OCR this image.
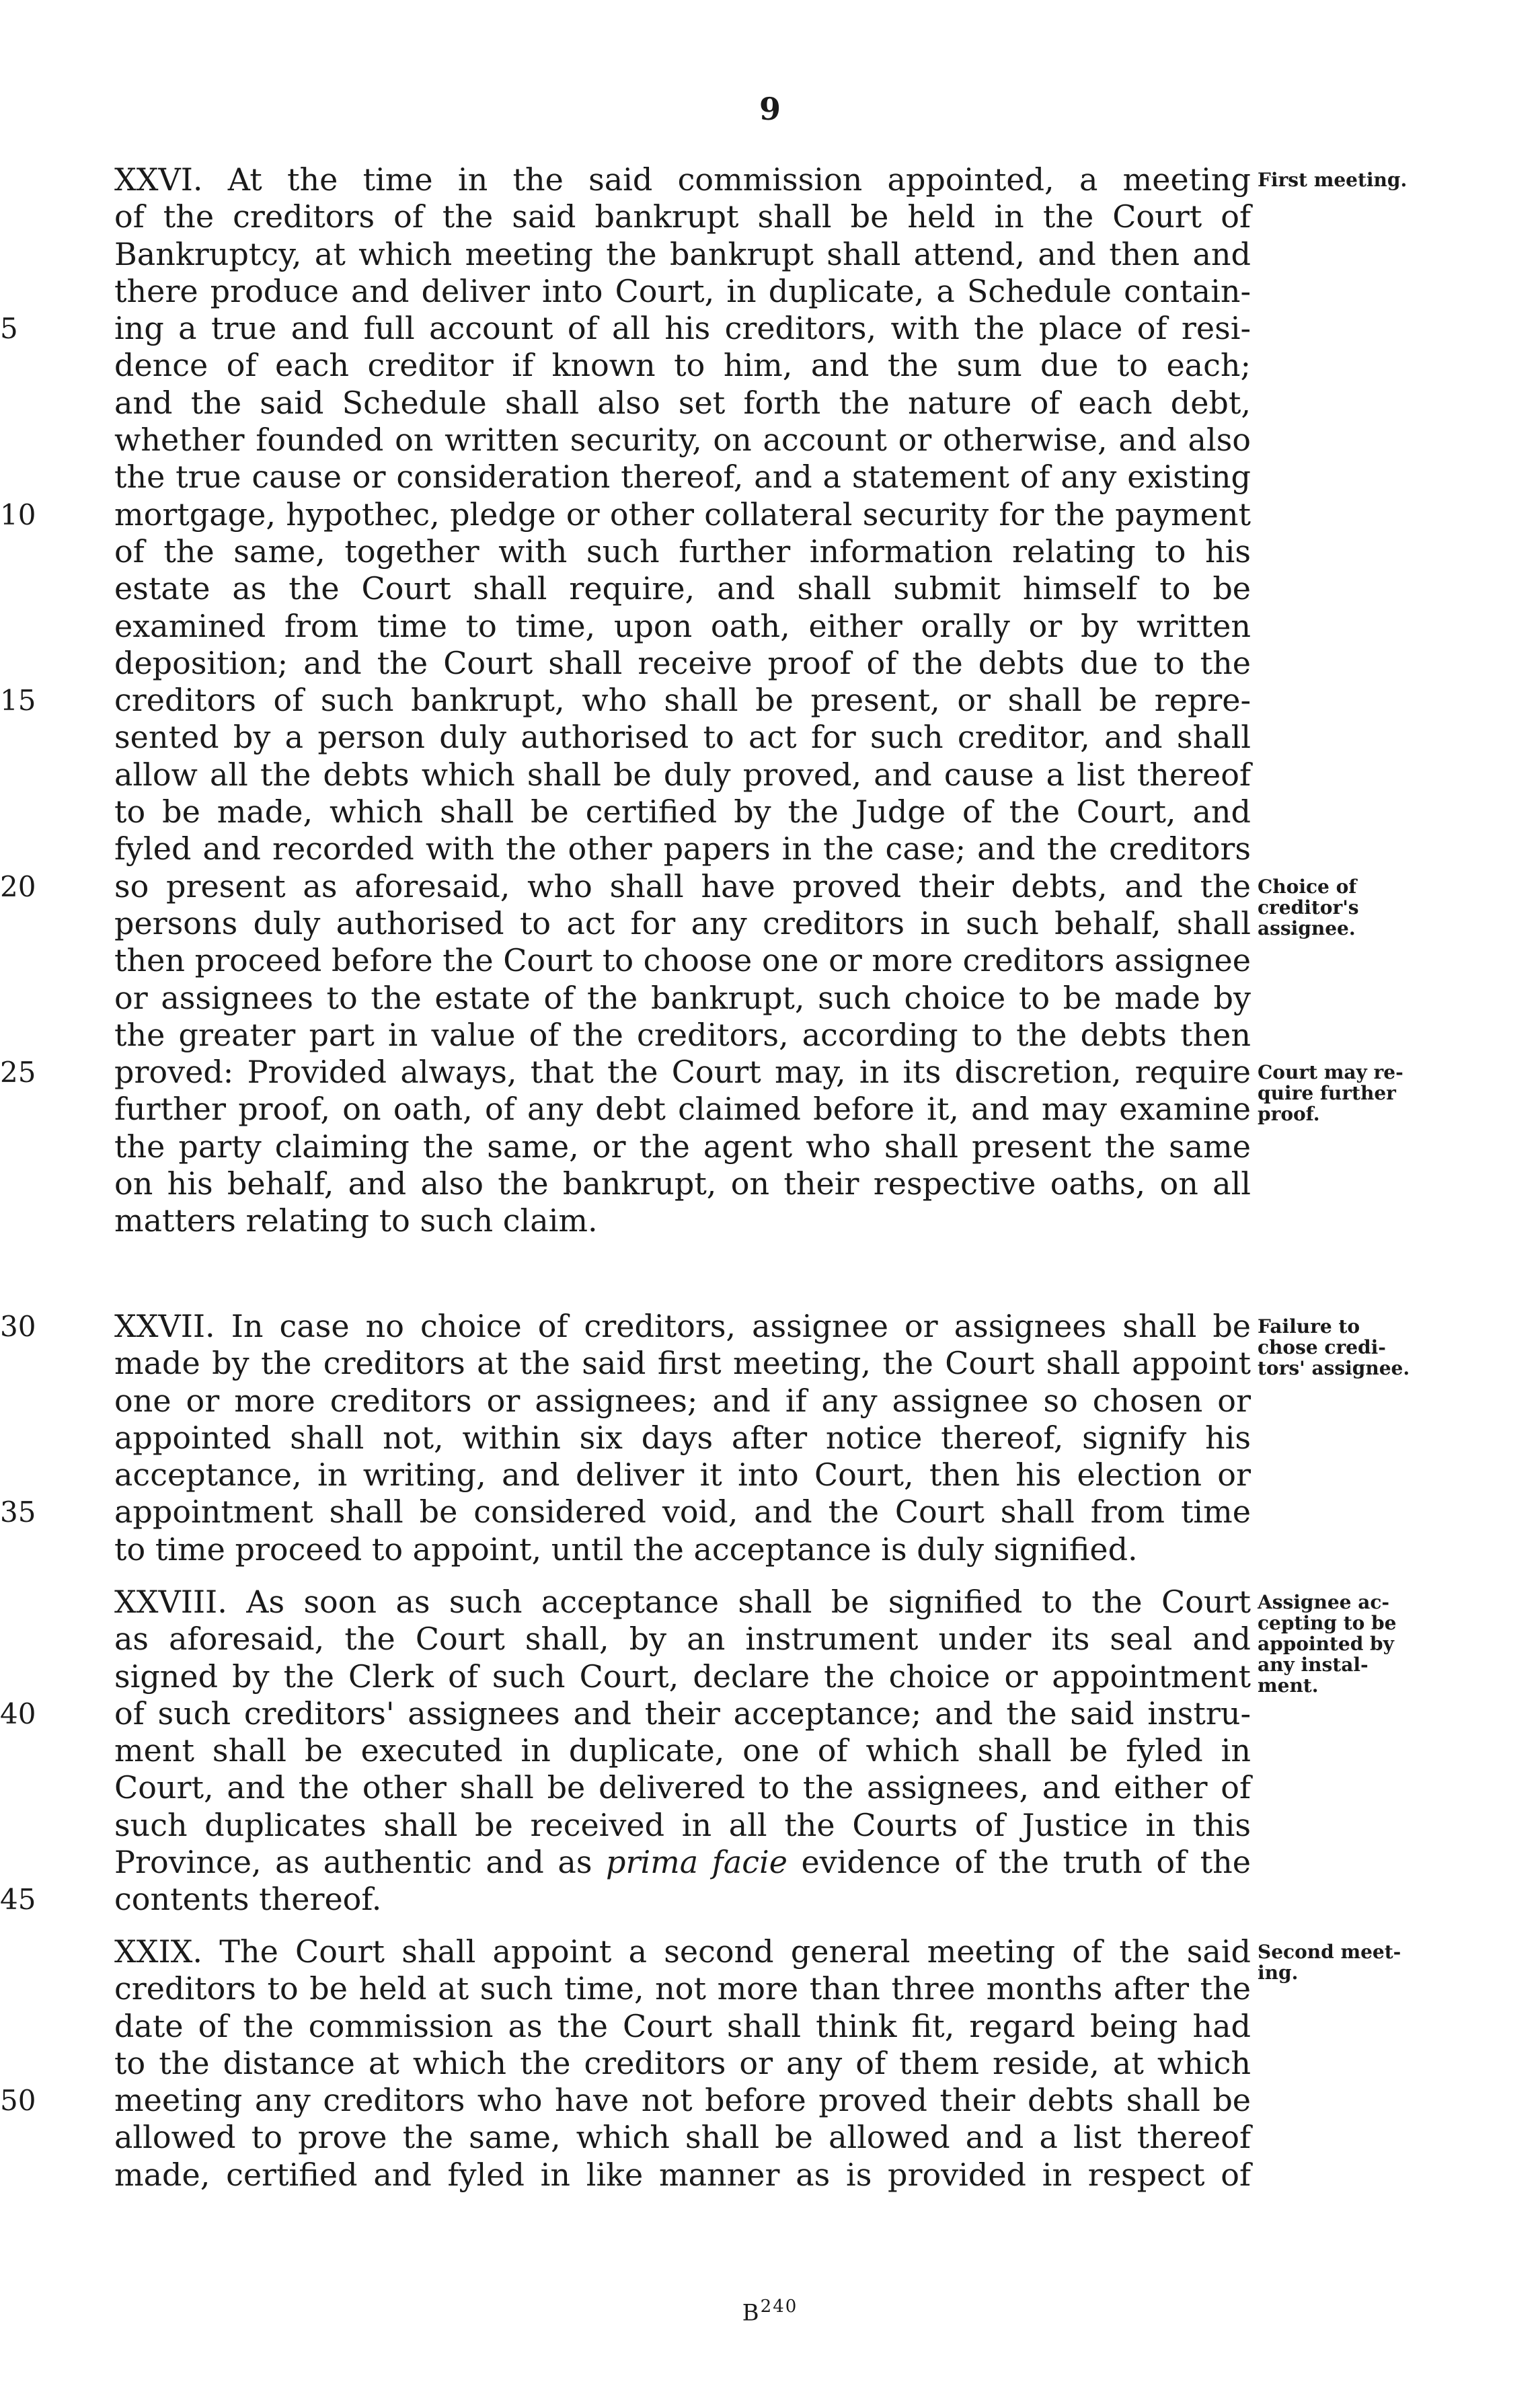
9
XXVI. At the time in the said commission appointed, a meeting
of the creditors of the said bankrupt shall be held in the Court of
Bankruptcy, at which meeting the bankrupt shall attend, and then and
there produce and deliver into Court, in duplicate, a Schedule contain-
5	ing a true and full account of all his creditors, with the place of resi-
dence of each creditor if known to him, and the sum due to each;
and the said Schedule shall also set forth the nature of each debt,
whether founded on written security, on account or otherwise, and also
the true cause or consideration thereof, and a statement of any existing
10	mortgage, hypothec, pledge or other collateral security for the payment
of the same, together with such further information relating to his
estate as the Court shall require, and shall submit himself to be
examined from time to time, upon oath, either orally or by written
deposition; and the Court shall receive proof of the debts due to the
15	creditors of such bankrupt, who shall be present, or shall be repre-
sented by a person duly authorised to act for such creditor, and shall
allow all the debts which shall be duly proved, and cause a list thereof
to be made, which shall be certified by the Judge of the Court, and
fyled and recorded with the other papers in the case; and the creditors
20	so present as aforesaid, who shall have proved their debts, and the
persons duly authorised to act for any creditors in such behalf, shall
then proceed before the Court to choose one or more creditors assignee
or assignees to the estate of the bankrupt, such choice to be made by
the greater part in value of the creditors, according to the debts then
25	proved: Provided always, that the Court may, in its discretion, require
further proof, on oath, of any debt claimed before it, and may examine
the party claiming the same, or the agent who shall present the same
on his behalf, and also the bankrupt, on their respective oaths, on all
matters relating to such claim.
30	XXVII. In case no choice of creditors, assignee or assignees shall be
made by the creditors at the said first meeting, the Court shall appoint
one or more creditors or assignees; and if any assignee so chosen or
appointed shall not, within six days after notice thereof, signify his
acceptance, in writing, and deliver it into Court, then his election or
35	appointment shall be considered void, and the Court shall from time
to time proceed to appoint, until the acceptance is duly signified.
XXVIII. As soon as such acceptance shall be signified to the Court
as aforesaid, the Court shall, by an instrument under its seal and
signed by the Clerk of such Court, declare the choice or appointment
40	of such creditors' assignees and their acceptance; and the said instru-
ment shall be executed in duplicate, one of which shall be fyled in
Court, and the other shall be delivered to the assignees, and either of
such duplicates shall be received in all the Courts of Justice in this
Province, as authentic and as prima facie evidence of the truth of the
45	contents thereof.
XXIX. The Court shall appoint a second general meeting of the said
creditors to be held at such time, not more than three months after the
date of the commission as the Court shall think fit, regard being had
to the distance at which the creditors or any of them reside, at which
50	meeting any creditors who have not before proved their debts shall be
allowed to prove the same, which shall be allowed and a list thereof
made, certified and fyled in like manner as is provided in respect of
First meeting.
Choice of
creditor's
assignee.
Court may re-
quire further
proof.
Failure to
chose credi-
tors' assignee.
Assignee ac-
cepting to be
appointed by
any instal-
ment.
Second meet-
ing.
$B^{240}$
